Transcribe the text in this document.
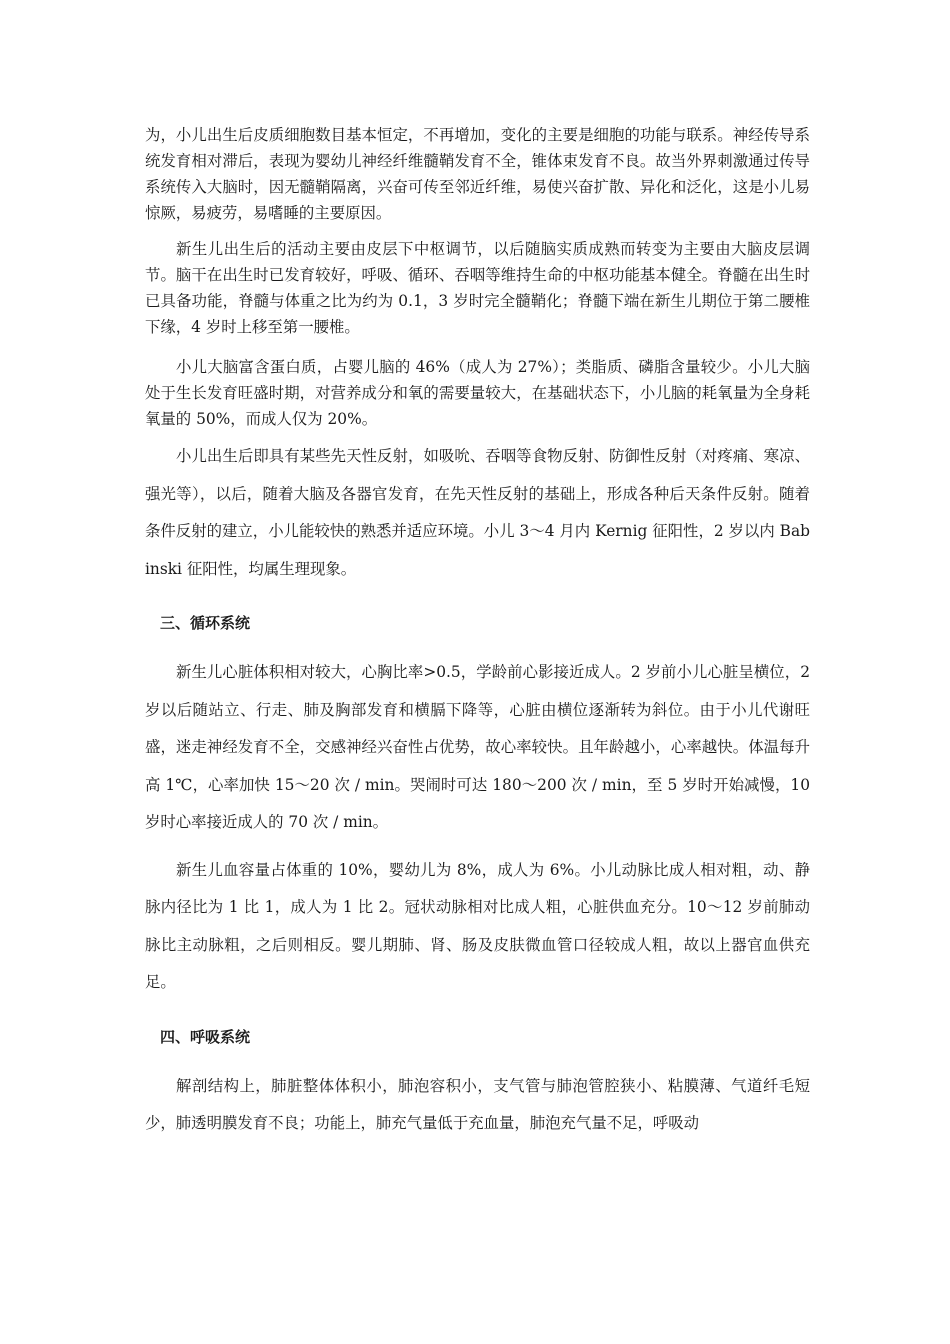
为，小儿出生后皮质细胞数目基本恒定，不再增加，变化的主要是细胞的功能与联系。神经传导系统发育相对滞后，表现为婴幼儿神经纤维髓鞘发育不全，锥体束发育不良。故当外界刺激通过传导系统传入大脑时，因无髓鞘隔离，兴奋可传至邻近纤维，易使兴奋扩散、异化和泛化，这是小儿易惊厥，易疲劳，易嗜睡的主要原因。

新生儿出生后的活动主要由皮层下中枢调节，以后随脑实质成熟而转变为主要由大脑皮层调节。脑干在出生时已发育较好，呼吸、循环、吞咽等维持生命的中枢功能基本健全。脊髓在出生时已具备功能，脊髓与体重之比为约为 0.1，3 岁时完全髓鞘化；脊髓下端在新生儿期位于第二腰椎下缘，4 岁时上移至第一腰椎。

小儿大脑富含蛋白质，占婴儿脑的 46%（成人为 27%）；类脂质、磷脂含量较少。小儿大脑处于生长发育旺盛时期，对营养成分和氧的需要量较大，在基础状态下，小儿脑的耗氧量为全身耗氧量的 50%，而成人仅为 20%。

小儿出生后即具有某些先天性反射，如吸吮、吞咽等食物反射、防御性反射（对疼痛、寒凉、强光等），以后，随着大脑及各器官发育，在先天性反射的基础上，形成各种后天条件反射。随着条件反射的建立，小儿能较快的熟悉并适应环境。小儿 3～4 月内 Kernig 征阳性，2 岁以内 Babinski 征阳性，均属生理现象。

三、循环系统

新生儿心脏体积相对较大，心胸比率>0.5，学龄前心影接近成人。2 岁前小儿心脏呈横位，2 岁以后随站立、行走、肺及胸部发育和横膈下降等，心脏由横位逐渐转为斜位。由于小儿代谢旺盛，迷走神经发育不全，交感神经兴奋性占优势，故心率较快。且年龄越小，心率越快。体温每升高 1℃，心率加快 15～20 次 / min。哭闹时可达 180～200 次 / min，至 5 岁时开始减慢，10 岁时心率接近成人的 70 次 / min。

新生儿血容量占体重的 10%，婴幼儿为 8%，成人为 6%。小儿动脉比成人相对粗，动、静脉内径比为 1 比 1，成人为 1 比 2。冠状动脉相对比成人粗，心脏供血充分。10～12 岁前肺动脉比主动脉粗，之后则相反。婴儿期肺、肾、肠及皮肤微血管口径较成人粗，故以上器官血供充足。

四、呼吸系统

解剖结构上，肺脏整体体积小，肺泡容积小，支气管与肺泡管腔狭小、粘膜薄、气道纤毛短少，肺透明膜发育不良；功能上，肺充气量低于充血量，肺泡充气量不足，呼吸动
